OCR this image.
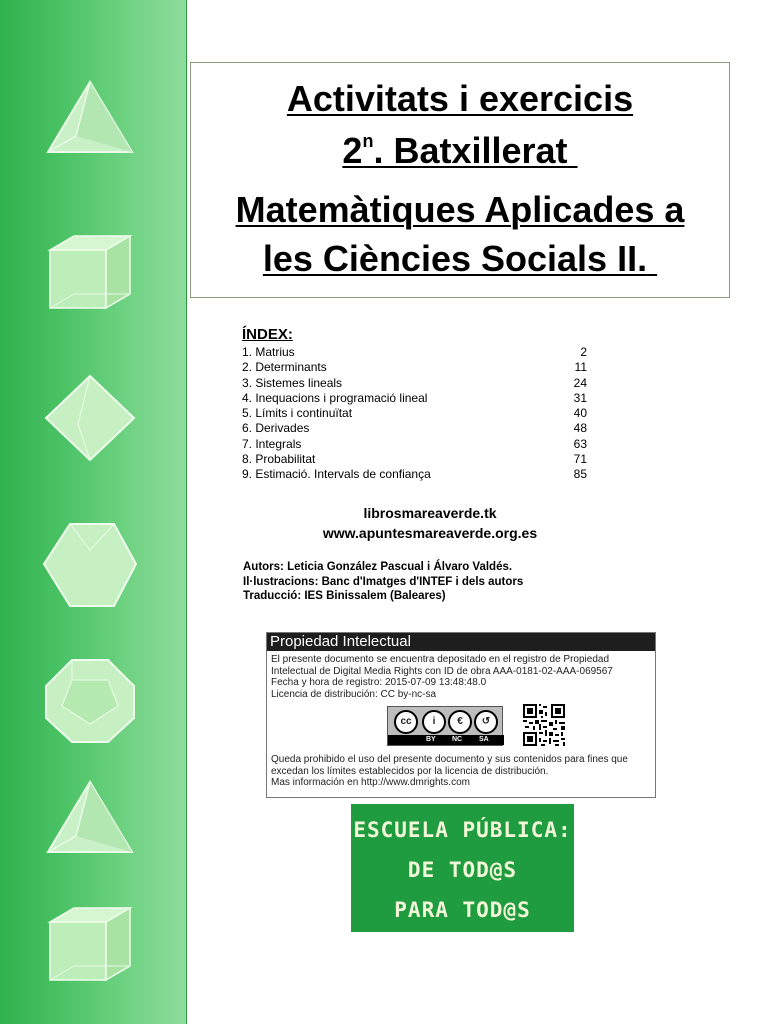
Activitats i exercicis
2$^n$. Batxillerat
Matemàtiques Aplicades a
les Ciències Socials II.
ÍNDEX:
1. Matrius	2
2. Determinants	11
3. Sistemes lineals	24
4. Inequacions i programació lineal	31
5. Límits i continuïtat	40
6. Derivades	48
7. Integrals	63
8. Probabilitat	71
9. Estimació. Intervals de confiança	85
librosmareaverde.tk
www.apuntesmareaverde.org.es
Autors: Leticia González Pascual i Álvaro Valdés.
Il·lustracions: Banc d'Imatges d'INTEF i dels autors
Traducció: IES Binissalem (Baleares)
Propiedad Intelectual

El presente documento se encuentra depositado en el registro de Propiedad Intelectual de Digital Media Rights con ID de obra AAA-0181-02-AAA-069567

Fecha y hora de registro: 2015-07-09 13:48:48.0

Licencia de distribución: CC by-nc-sa

cc	i	€	↺
BY NC SA

Queda prohibido el uso del presente documento y sus contenidos para fines que excedan los límites establecidos por la licencia de distribución.

Mas información en http://www.dmrights.com

ESCUELA PÚBLICA:
DE TOD@S
PARA TOD@S
